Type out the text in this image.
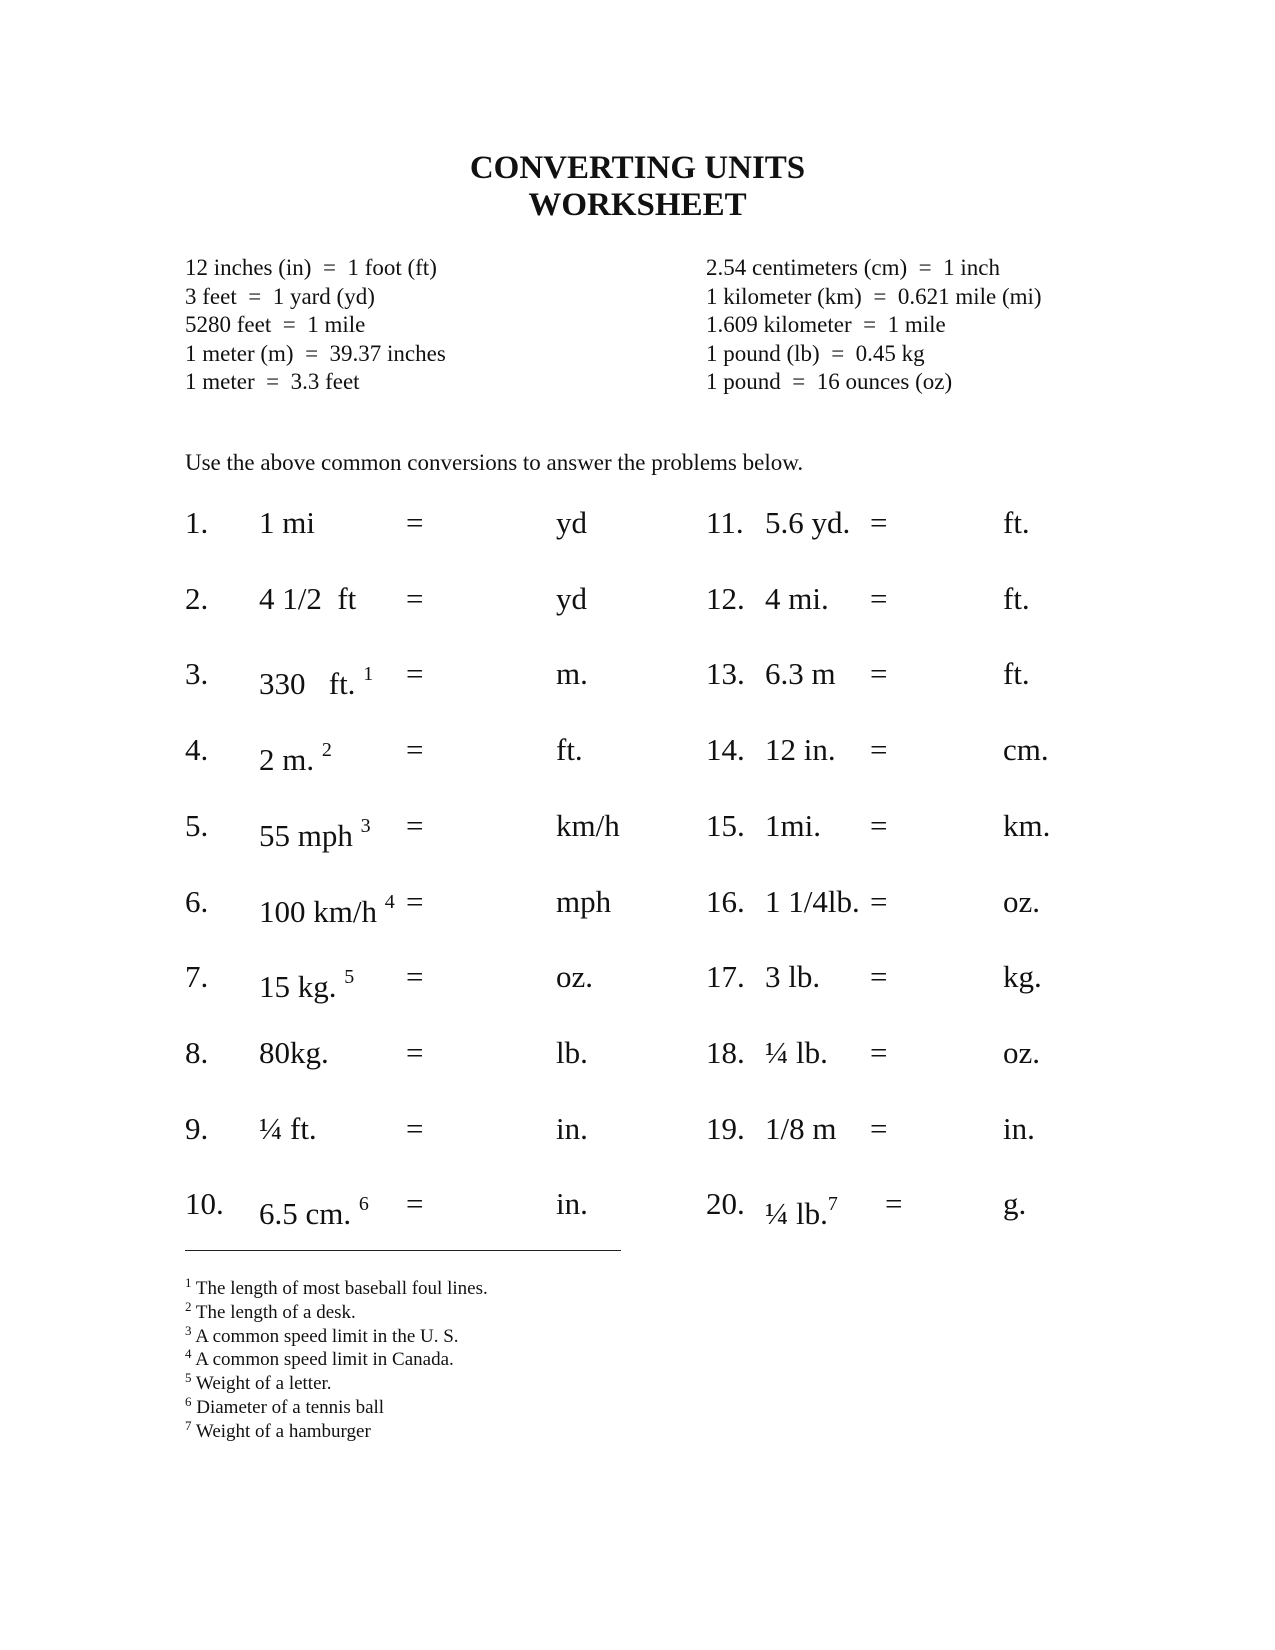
CONVERTING UNITS
WORKSHEET
12 inches (in)  =  1 foot (ft)
3 feet  =  1 yard (yd)
5280 feet  =  1 mile
1 meter (m)  =  39.37 inches
1 meter  =  3.3 feet
2.54 centimeters (cm)  =  1 inch
1 kilometer (km)  =  0.621 mile (mi)
1.609 kilometer  =  1 mile
1 pound (lb)  =  0.45 kg
1 pound  =  16 ounces (oz)
Use the above common conversions to answer the problems below.
1. 1 mi	=	yd
2. 4 1/2  ft =	yd
3. 330   ft. $^1$ =	m.
4. 2 m. $^2$ =	ft.
5. 55 mph $^3$ =	km/h
6. 100 km/h $^4$ =	mph
7. 15 kg. $^5$ =	oz.
8. 80kg. =	lb.
9. ¼ ft.	=	in.
10. 6.5 cm. $^6$ =	in.
11. 5.6 yd. =	ft.
12. 4 mi. =	ft.
13. 6.3 m =	ft.
14. 12 in. =	cm.
15. 1mi. =	km.
16. 1 1/4lb. =	oz.
17. 3 lb. =	kg.
18. ¼ lb. =	oz.
19. 1/8 m =	in.
20. ¼ lb.$^7$ =	g.
$^1$ The length of most baseball foul lines.
$^2$ The length of a desk.
$^3$ A common speed limit in the U. S.
$^4$ A common speed limit in Canada.
$^5$ Weight of a letter.
$^6$ Diameter of a tennis ball
$^7$ Weight of a hamburger
